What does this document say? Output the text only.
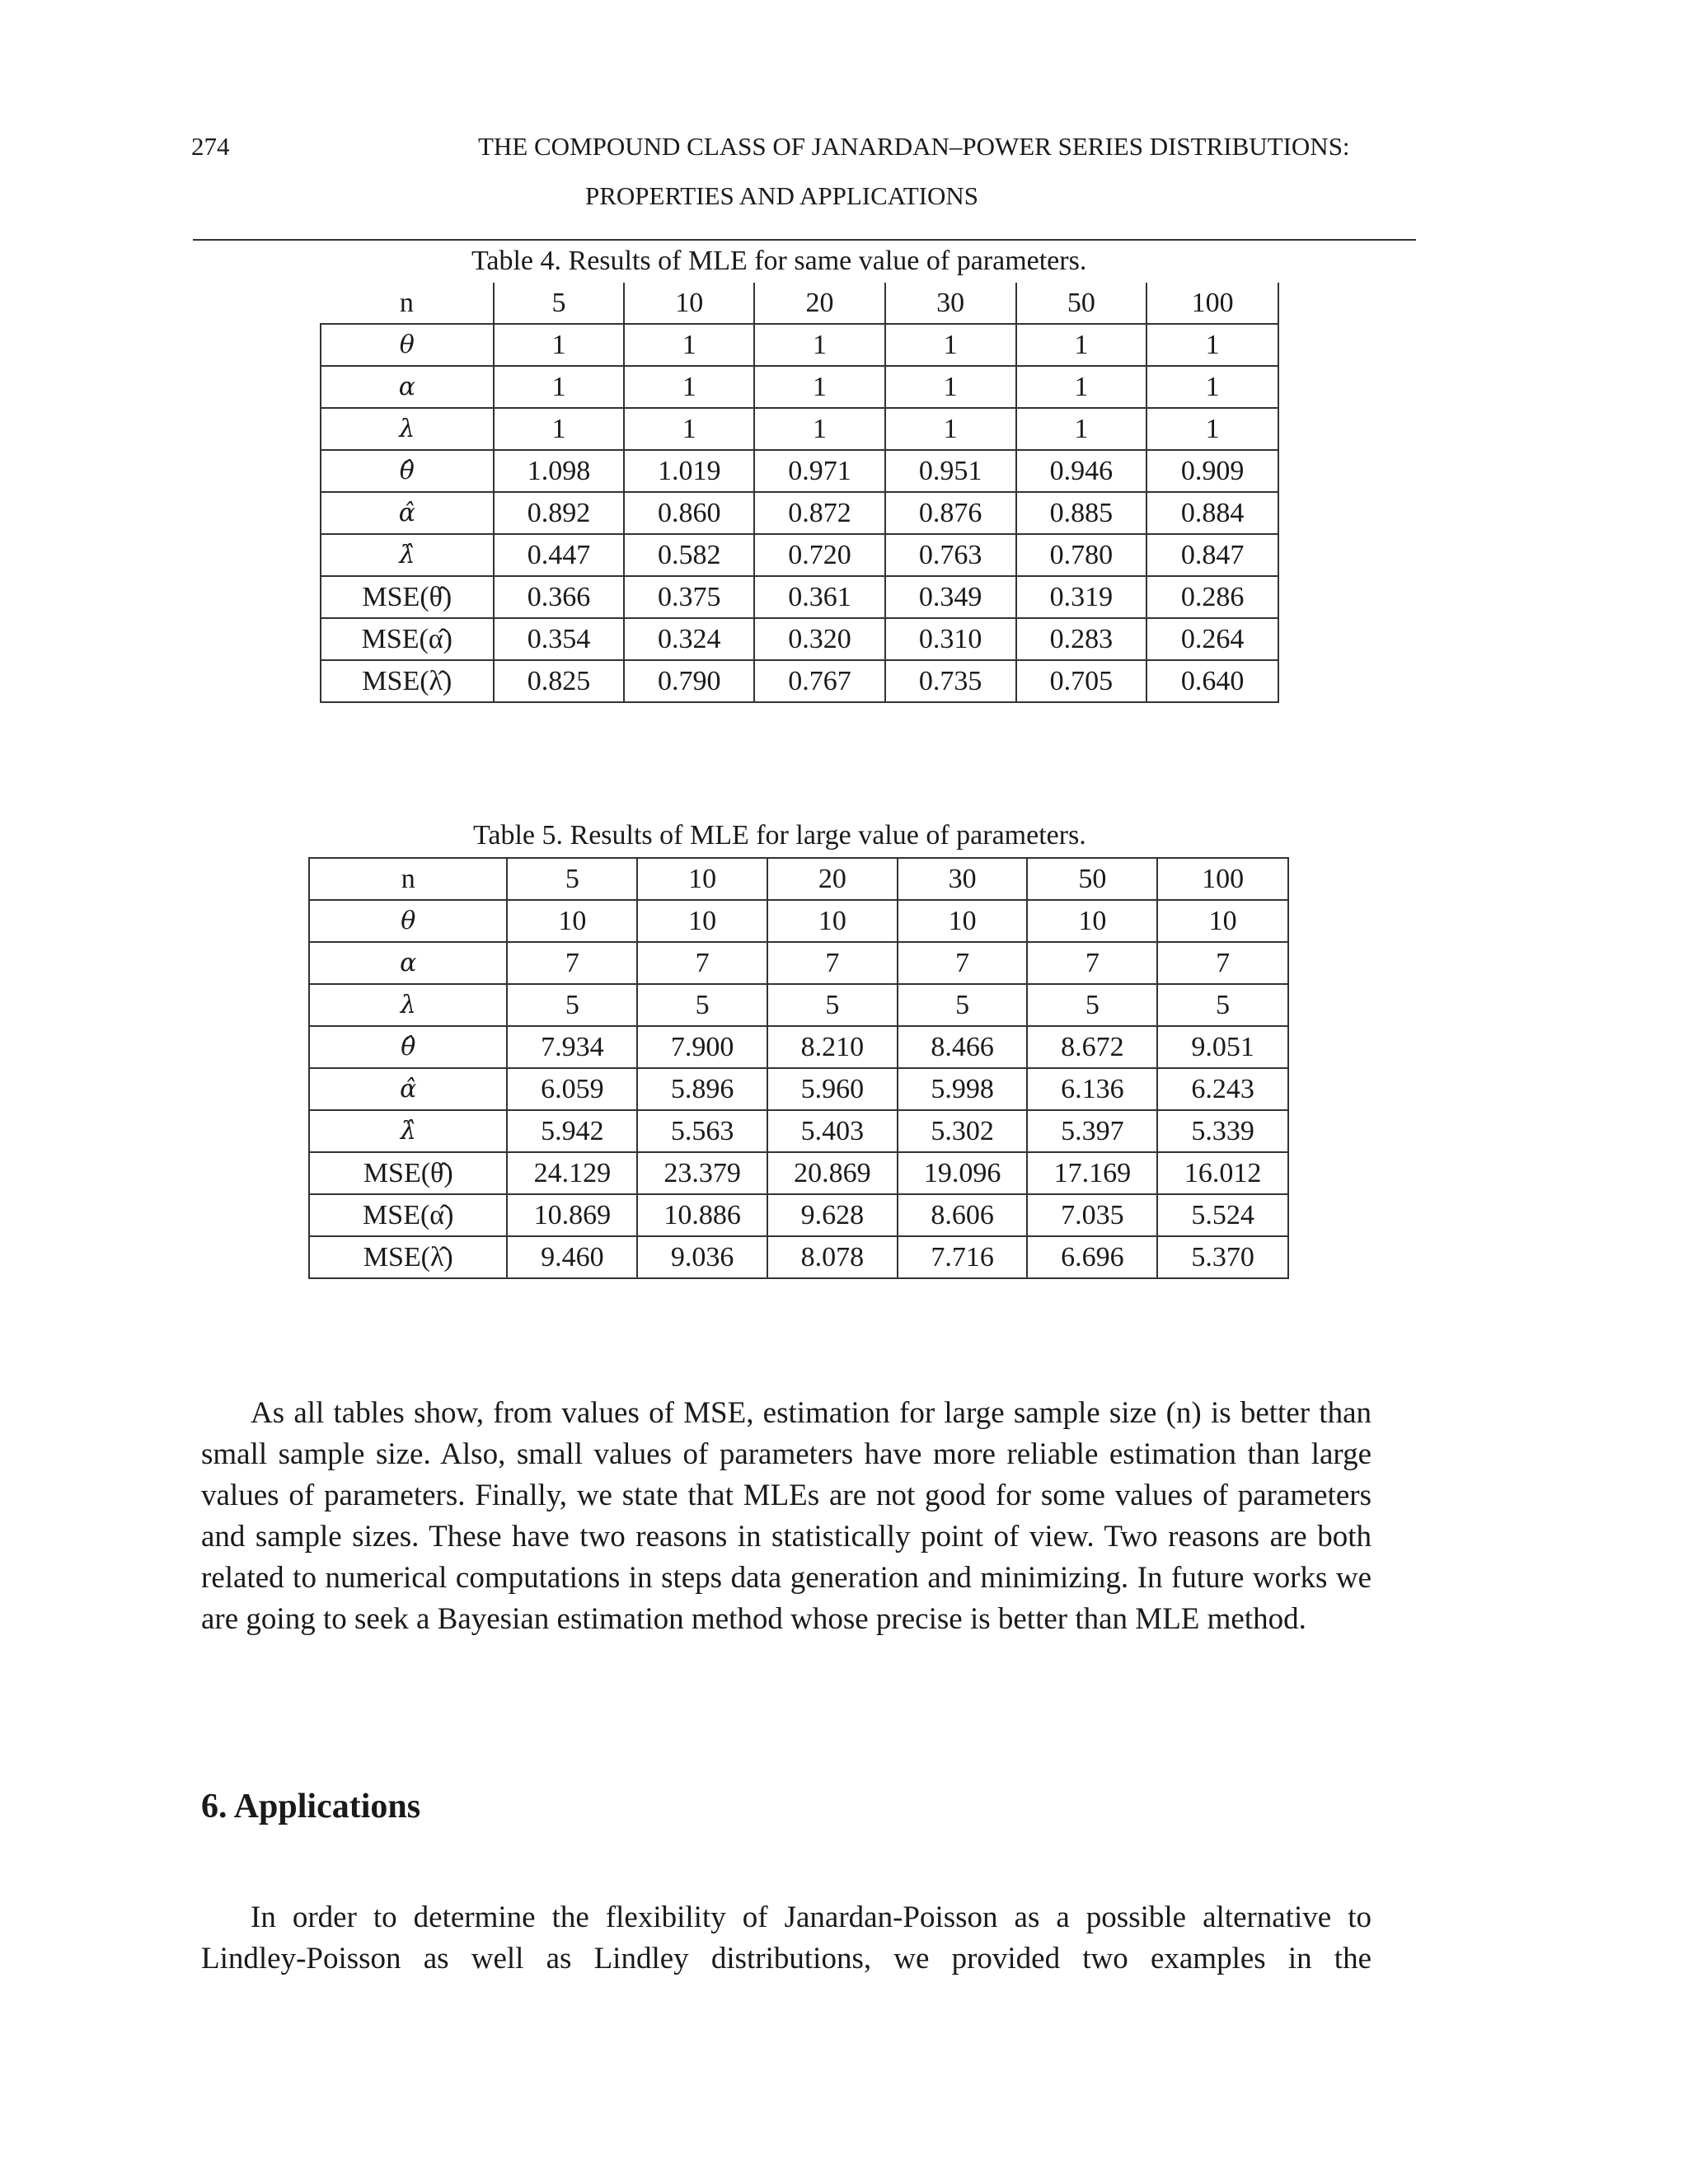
274	THE COMPOUND CLASS OF JANARDAN–POWER SERIES DISTRIBUTIONS:
PROPERTIES AND APPLICATIONS
Table 4. Results of MLE for same value of parameters.
n	5	10	20	30	50	100
θ	1	1	1	1	1	1
α	1	1	1	1	1	1
λ	1	1	1	1	1	1
θ̂	1.098	1.019	0.971	0.951	0.946	0.909
α̂	0.892	0.860	0.872	0.876	0.885	0.884
λ̂	0.447	0.582	0.720	0.763	0.780	0.847
MSE(θ̂)	0.366	0.375	0.361	0.349	0.319	0.286
MSE(α̂)	0.354	0.324	0.320	0.310	0.283	0.264
MSE(λ̂)	0.825	0.790	0.767	0.735	0.705	0.640
Table 5. Results of MLE for large value of parameters.
n	5	10	20	30	50	100
θ	10	10	10	10	10	10
α	7	7	7	7	7	7
λ	5	5	5	5	5	5
θ̂	7.934	7.900	8.210	8.466	8.672	9.051
α̂	6.059	5.896	5.960	5.998	6.136	6.243
λ̂	5.942	5.563	5.403	5.302	5.397	5.339
MSE(θ̂)	24.129	23.379	20.869	19.096	17.169	16.012
MSE(α̂)	10.869	10.886	9.628	8.606	7.035	5.524
MSE(λ̂)	9.460	9.036	8.078	7.716	6.696	5.370

As all tables show, from values of MSE, estimation for large sample size (n) is better than small sample size. Also, small values of parameters have more reliable estimation than large values of parameters. Finally, we state that MLEs are not good for some values of parameters and sample sizes. These have two reasons in statistically point of view. Two reasons are both related to numerical computations in steps data generation and minimizing. In future works we are going to seek a Bayesian estimation method whose precise is better than MLE method.

6. Applications

In order to determine the flexibility of Janardan-Poisson as a possible alternative to Lindley-Poisson as well as Lindley distributions, we provided two examples in the
